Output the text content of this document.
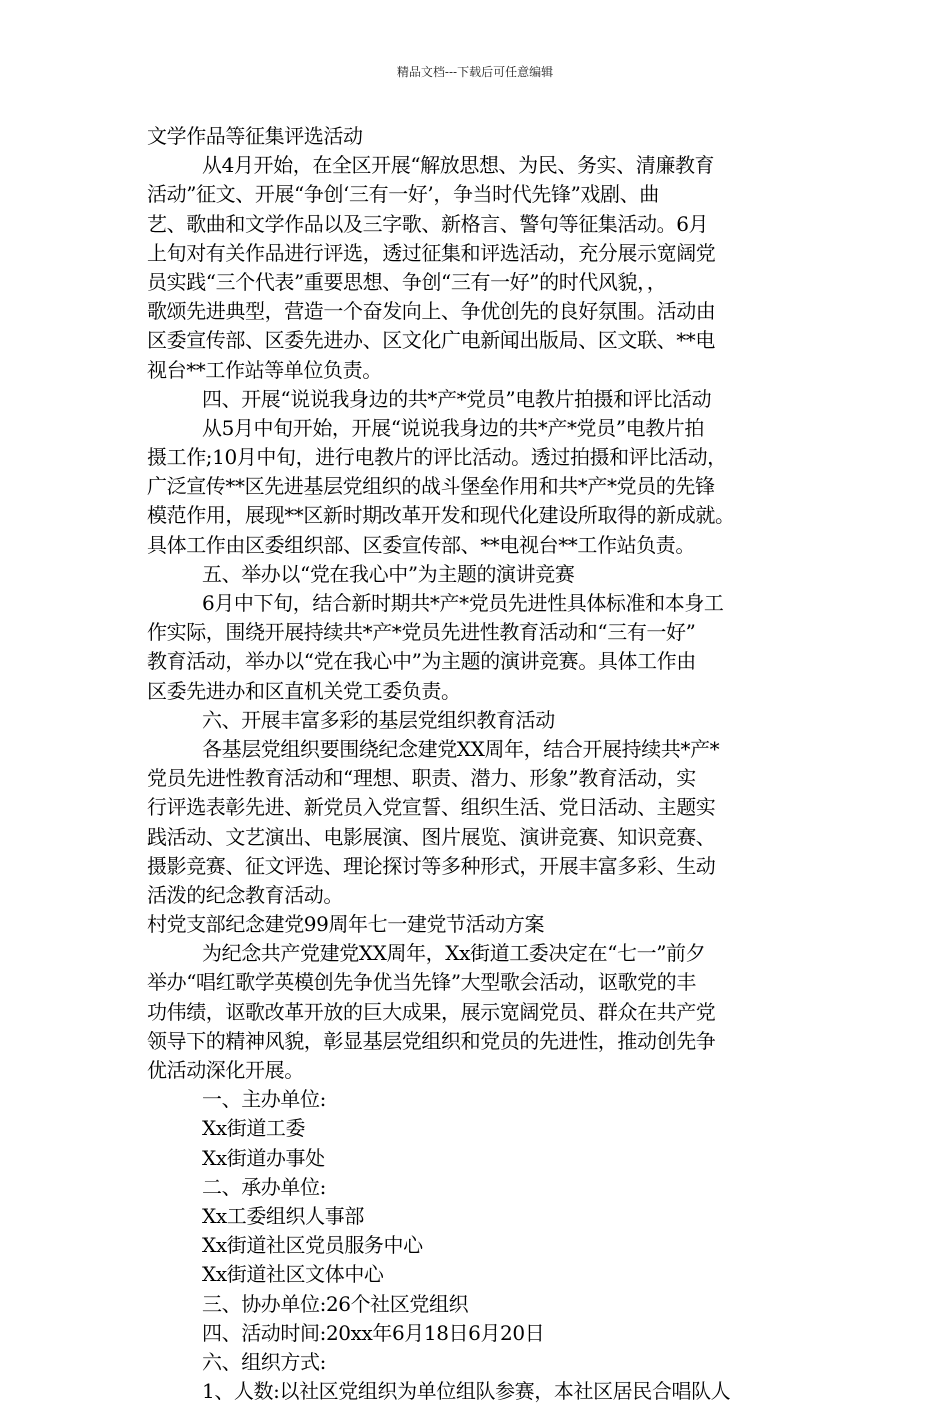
精品文档---下载后可任意编辑
文学作品等征集评选活动
从4月开始，在全区开展“解放思想、为民、务实、清廉教育
活动”征文、开展“争创‘三有一好’，争当时代先锋”戏剧、曲
艺、歌曲和文学作品以及三字歌、新格言、警句等征集活动。6月
上旬对有关作品进行评选，透过征集和评选活动，充分展示宽阔党
员实践“三个代表”重要思想、争创“三有一好”的时代风貌，，
歌颂先进典型，营造一个奋发向上、争优创先的良好氛围。活动由
区委宣传部、区委先进办、区文化广电新闻出版局、区文联、**电
视台**工作站等单位负责。
四、开展“说说我身边的共*产*党员”电教片拍摄和评比活动
从5月中旬开始，开展“说说我身边的共*产*党员”电教片拍
摄工作;10月中旬，进行电教片的评比活动。透过拍摄和评比活动，
广泛宣传**区先进基层党组织的战斗堡垒作用和共*产*党员的先锋
模范作用，展现**区新时期改革开发和现代化建设所取得的新成就。
具体工作由区委组织部、区委宣传部、**电视台**工作站负责。
五、举办以“党在我心中”为主题的演讲竞赛
6月中下旬，结合新时期共*产*党员先进性具体标准和本身工
作实际，围绕开展持续共*产*党员先进性教育活动和“三有一好”
教育活动，举办以“党在我心中”为主题的演讲竞赛。具体工作由
区委先进办和区直机关党工委负责。
六、开展丰富多彩的基层党组织教育活动
各基层党组织要围绕纪念建党XX周年，结合开展持续共*产*
党员先进性教育活动和“理想、职责、潜力、形象”教育活动，实
行评选表彰先进、新党员入党宣誓、组织生活、党日活动、主题实
践活动、文艺演出、电影展演、图片展览、演讲竞赛、知识竞赛、
摄影竞赛、征文评选、理论探讨等多种形式，开展丰富多彩、生动
活泼的纪念教育活动。
村党支部纪念建党99周年七一建党节活动方案
为纪念共产党建党XX周年，Xx街道工委决定在“七一”前夕
举办“唱红歌学英模创先争优当先锋”大型歌会活动，讴歌党的丰
功伟绩，讴歌改革开放的巨大成果，展示宽阔党员、群众在共产党
领导下的精神风貌，彰显基层党组织和党员的先进性，推动创先争
优活动深化开展。
一、主办单位:
Xx街道工委
Xx街道办事处
二、承办单位:
Xx工委组织人事部
Xx街道社区党员服务中心
Xx街道社区文体中心
三、协办单位:26个社区党组织
四、活动时间:20xx年6月18日6月20日
六、组织方式:
1、人数:以社区党组织为单位组队参赛，本社区居民合唱队人
